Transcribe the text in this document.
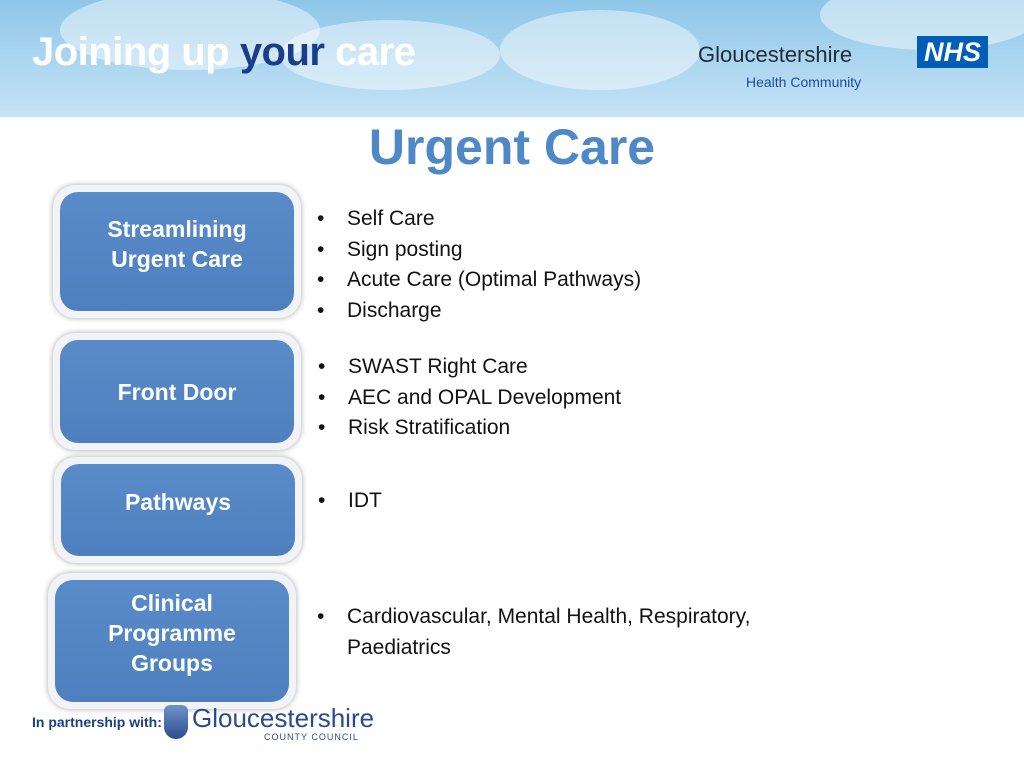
Joining up your care	Gloucestershire	NHS
Health Community
Urgent Care
Streamlining
Urgent Care
• Self Care
• Sign posting
• Acute Care (Optimal Pathways)
• Discharge
Front Door
• SWAST Right Care
• AEC and OPAL Development
• Risk Stratification
Pathways
•	IDT
Clinical
Programme
Groups
• Cardiovascular, Mental Health, Respiratory,
Paediatrics
In partnership with: Gloucestershire
COUNTY COUNCIL
